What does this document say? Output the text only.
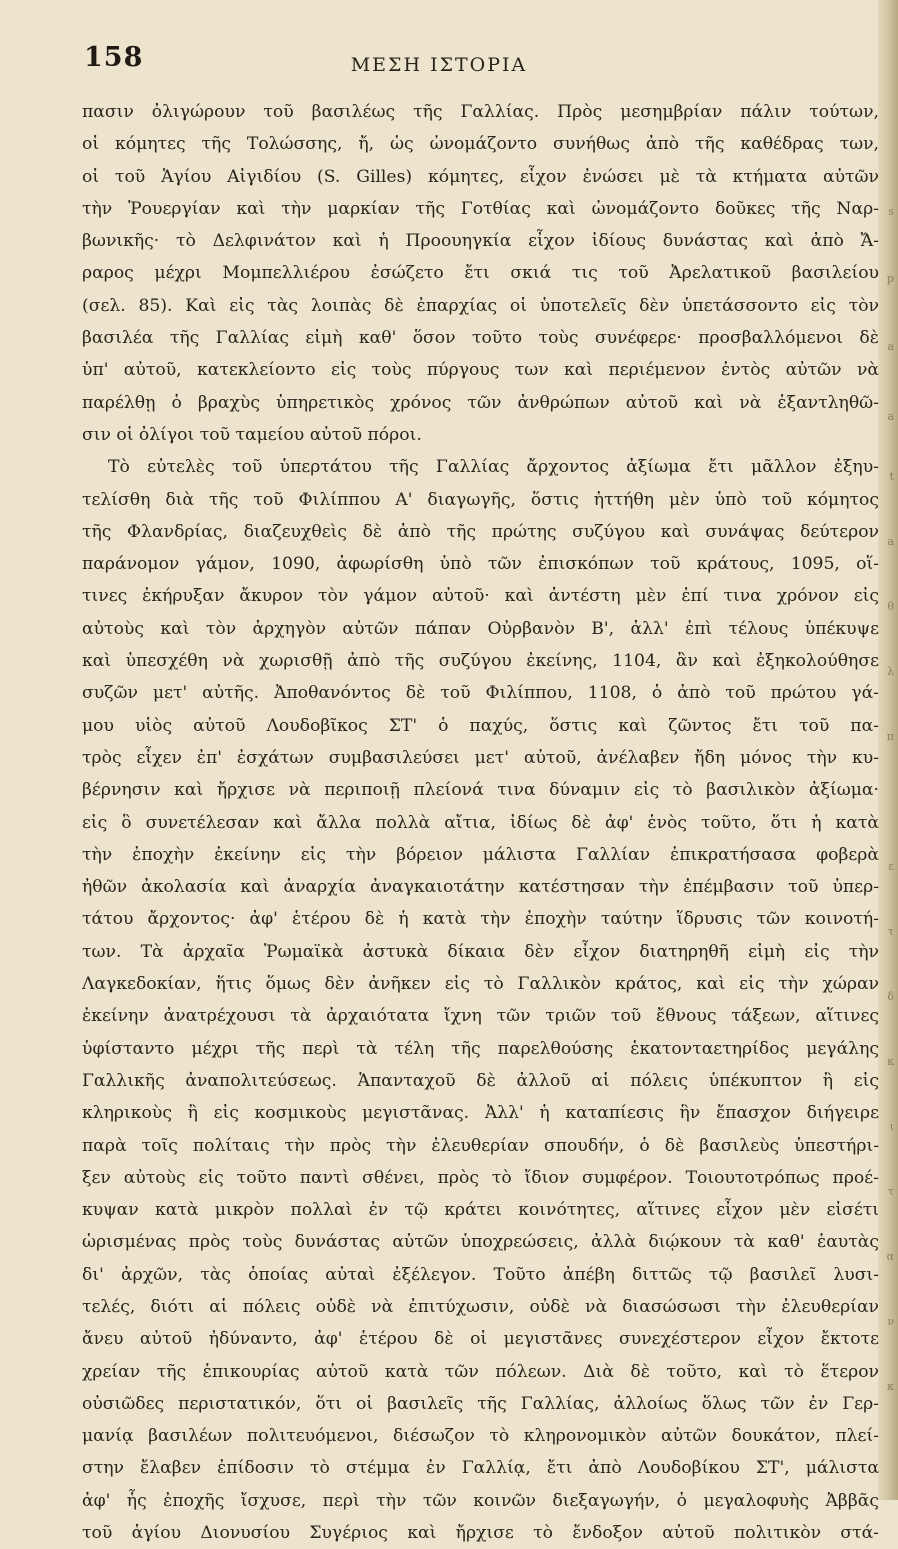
s
p
a
a
t
a
θ
λ
π
ε
τ
δ
κ
ι
τ
α
ν
κ
158	ΜΕΣΗ ΙΣΤΟΡΙΑ
πασιν ὀλιγώρουν τοῦ βασιλέως τῆς Γαλλίας. Πρὸς μεσημβρίαν πάλιν τούτων,
οἱ κόμητες τῆς Τολώσσης, ἤ, ὡς ὠνομάζοντο συνήθως ἀπὸ τῆς καθέδρας των,
οἱ τοῦ Ἁγίου Αἰγιδίου (S. Gilles) κόμητες, εἶχον ἐνώσει μὲ τὰ κτήματα αὐτῶν
τὴν Ῥουεργίαν καὶ τὴν μαρκίαν τῆς Γοτθίας καὶ ὠνομάζοντο δοῦκες τῆς Ναρ-
βωνικῆς· τὸ Δελφινάτον καὶ ἡ Προουηγκία εἶχον ἰδίους δυνάστας καὶ ἀπὸ Ἄ-
ραρος μέχρι Μομπελλιέρου ἐσώζετο ἔτι σκιά τις τοῦ Ἀρελατικοῦ βασιλείου
(σελ. 85). Καὶ εἰς τὰς λοιπὰς δὲ ἐπαρχίας οἱ ὑποτελεῖς δὲν ὑπετάσσοντο εἰς τὸν
βασιλέα τῆς Γαλλίας εἰμὴ καθ' ὅσον τοῦτο τοὺς συνέφερε· προσβαλλόμενοι δὲ
ὑπ' αὐτοῦ, κατεκλείοντο εἰς τοὺς πύργους των καὶ περιέμενον ἐντὸς αὐτῶν νὰ
παρέλθῃ ὁ βραχὺς ὑπηρετικὸς χρόνος τῶν ἀνθρώπων αὐτοῦ καὶ νὰ ἐξαντληθῶ-
σιν οἱ ὀλίγοι τοῦ ταμείου αὐτοῦ πόροι.
Τὸ εὐτελὲς τοῦ ὑπερτάτου τῆς Γαλλίας ἄρχοντος ἀξίωμα ἔτι μᾶλλον ἐξηυ-
τελίσθη διὰ τῆς τοῦ Φιλίππου Α' διαγωγῆς, ὅστις ἡττήθη μὲν ὑπὸ τοῦ κόμητος
τῆς Φλανδρίας, διαζευχθεὶς δὲ ἀπὸ τῆς πρώτης συζύγου καὶ συνάψας δεύτερον
παράνομον γάμον, 1090, ἀφωρίσθη ὑπὸ τῶν ἐπισκόπων τοῦ κράτους, 1095, οἵ-
τινες ἐκήρυξαν ἄκυρον τὸν γάμον αὐτοῦ· καὶ ἀντέστη μὲν ἐπί τινα χρόνον εἰς
αὐτοὺς καὶ τὸν ἀρχηγὸν αὐτῶν πάπαν Οὐρβανὸν Β', ἀλλ' ἐπὶ τέλους ὑπέκυψε
καὶ ὑπεσχέθη νὰ χωρισθῇ ἀπὸ τῆς συζύγου ἐκείνης, 1104, ἂν καὶ ἐξηκολούθησε
συζῶν μετ' αὐτῆς. Ἀποθανόντος δὲ τοῦ Φιλίππου, 1108, ὁ ἀπὸ τοῦ πρώτου γά-
μου υἱὸς αὐτοῦ Λουδοβῖκος ΣΤ' ὁ παχύς, ὅστις καὶ ζῶντος ἔτι τοῦ πα-
τρὸς εἶχεν ἐπ' ἐσχάτων συμβασιλεύσει μετ' αὐτοῦ, ἀνέλαβεν ἤδη μόνος τὴν κυ-
βέρνησιν καὶ ἤρχισε νὰ περιποιῇ πλείονά τινα δύναμιν εἰς τὸ βασιλικὸν ἀξίωμα·
εἰς ὃ συνετέλεσαν καὶ ἄλλα πολλὰ αἴτια, ἰδίως δὲ ἀφ' ἑνὸς τοῦτο, ὅτι ἡ κατὰ
τὴν ἐποχὴν ἐκείνην εἰς τὴν βόρειον μάλιστα Γαλλίαν ἐπικρατήσασα φοβερὰ
ἠθῶν ἀκολασία καὶ ἀναρχία ἀναγκαιοτάτην κατέστησαν τὴν ἐπέμβασιν τοῦ ὑπερ-
τάτου ἄρχοντος· ἀφ' ἑτέρου δὲ ἡ κατὰ τὴν ἐποχὴν ταύτην ἵδρυσις τῶν κοινοτή-
των. Τὰ ἀρχαῖα Ῥωμαϊκὰ ἀστυκὰ δίκαια δὲν εἶχον διατηρηθῆ εἰμὴ εἰς τὴν
Λαγκεδοκίαν, ἥτις ὅμως δὲν ἀνῆκεν εἰς τὸ Γαλλικὸν κράτος, καὶ εἰς τὴν χώραν
ἐκείνην ἀνατρέχουσι τὰ ἀρχαιότατα ἴχνη τῶν τριῶν τοῦ ἔθνους τάξεων, αἵτινες
ὑφίσταντο μέχρι τῆς περὶ τὰ τέλη τῆς παρελθούσης ἑκατονταετηρίδος μεγάλης
Γαλλικῆς ἀναπολιτεύσεως. Ἁπανταχοῦ δὲ ἀλλοῦ αἱ πόλεις ὑπέκυπτον ἢ εἰς
κληρικοὺς ἢ εἰς κοσμικοὺς μεγιστᾶνας. Ἀλλ' ἡ καταπίεσις ἣν ἔπασχον διήγειρε
παρὰ τοῖς πολίταις τὴν πρὸς τὴν ἐλευθερίαν σπουδήν, ὁ δὲ βασιλεὺς ὑπεστήρι-
ξεν αὐτοὺς εἰς τοῦτο παντὶ σθένει, πρὸς τὸ ἴδιον συμφέρον. Τοιουτοτρόπως προέ-
κυψαν κατὰ μικρὸν πολλαὶ ἐν τῷ κράτει κοινότητες, αἵτινες εἶχον μὲν εἰσέτι
ὡρισμένας πρὸς τοὺς δυνάστας αὐτῶν ὑποχρεώσεις, ἀλλὰ διῴκουν τὰ καθ' ἑαυτὰς
δι' ἀρχῶν, τὰς ὁποίας αὐταὶ ἐξέλεγον. Τοῦτο ἀπέβη διττῶς τῷ βασιλεῖ λυσι-
τελές, διότι αἱ πόλεις οὐδὲ νὰ ἐπιτύχωσιν, οὐδὲ νὰ διασώσωσι τὴν ἐλευθερίαν
ἄνευ αὐτοῦ ἠδύναντο, ἀφ' ἑτέρου δὲ οἱ μεγιστᾶνες συνεχέστερον εἶχον ἔκτοτε
χρείαν τῆς ἐπικουρίας αὐτοῦ κατὰ τῶν πόλεων. Διὰ δὲ τοῦτο, καὶ τὸ ἕτερον
οὐσιῶδες περιστατικόν, ὅτι οἱ βασιλεῖς τῆς Γαλλίας, ἀλλοίως ὅλως τῶν ἐν Γερ-
μανίᾳ βασιλέων πολιτευόμενοι, διέσωζον τὸ κληρονομικὸν αὐτῶν δουκάτον, πλεί-
στην ἔλαβεν ἐπίδοσιν τὸ στέμμα ἐν Γαλλίᾳ, ἔτι ἀπὸ Λουδοβίκου ΣΤ', μάλιστα
ἀφ' ἧς ἐποχῆς ἴσχυσε, περὶ τὴν τῶν κοινῶν διεξαγωγήν, ὁ μεγαλοφυὴς Ἀββᾶς
τοῦ ἁγίου Διονυσίου Συγέριος καὶ ἤρχισε τὸ ἔνδοξον αὐτοῦ πολιτικὸν στά-
